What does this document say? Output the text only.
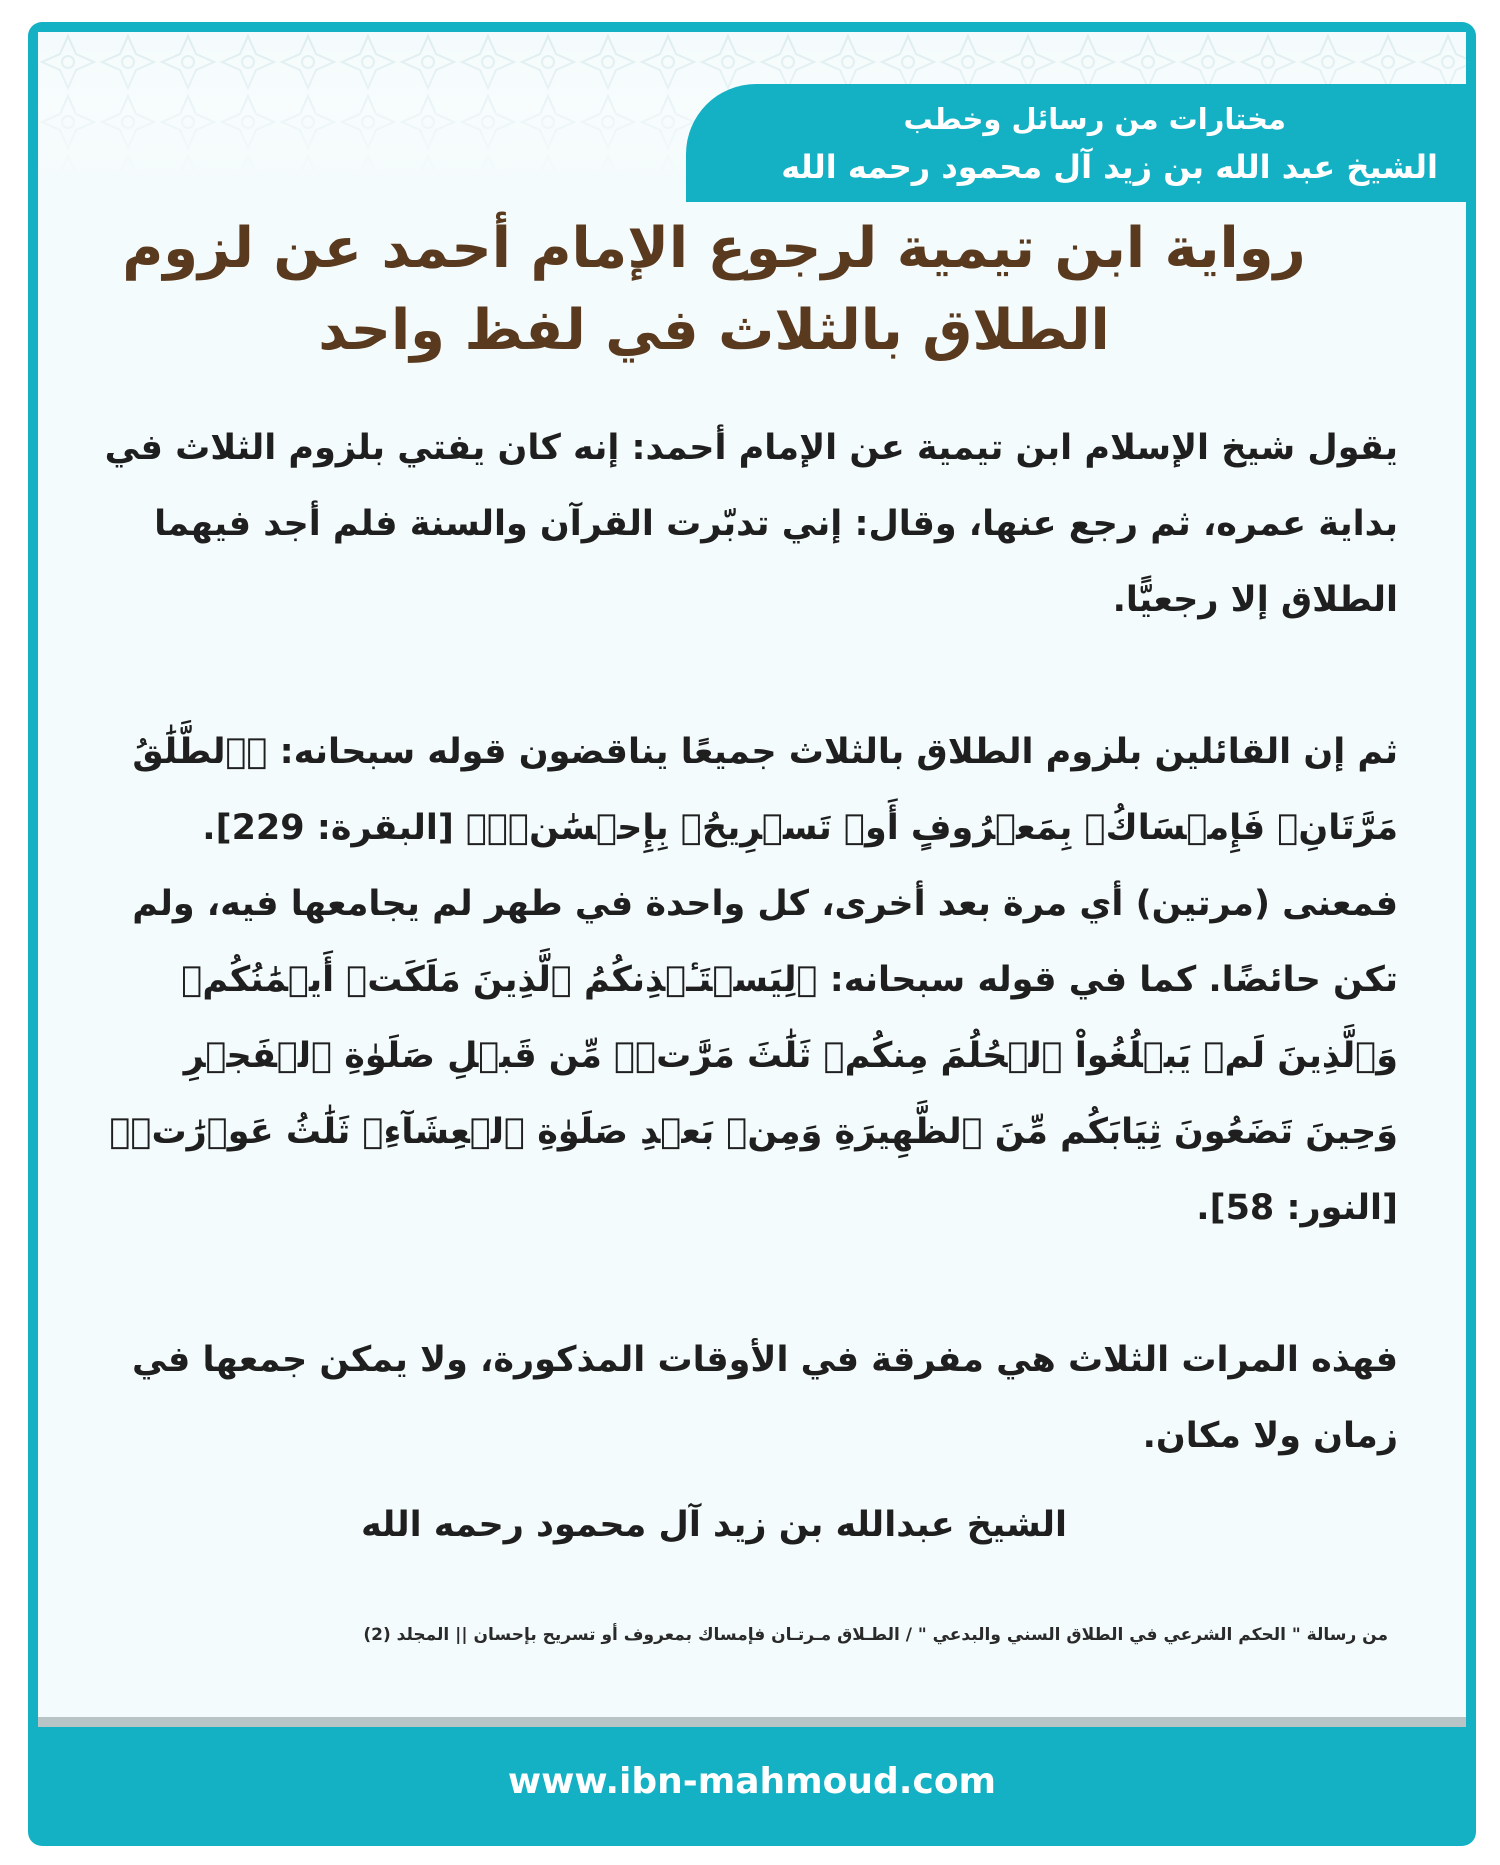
مختارات من رسائل وخطب
الشيخ عبد الله بن زيد آل محمود رحمه الله
رواية ابن تيمية لرجوع الإمام أحمد عن لزوم
الطلاق بالثلاث في لفظ واحد

يقول شيخ الإسلام ابن تيمية عن الإمام أحمد: إنه كان يفتي بلزوم الثلاث في بداية عمره، ثم رجع عنها، وقال: إني تدبّرت القرآن والسنة فلم أجد فيهما الطلاق إلا رجعيًّا.

ثم إن القائلين بلزوم الطلاق بالثلاث جميعًا يناقضون قوله سبحانه: ﴿ٱلطَّلَٰقُ مَرَّتَانِۖ فَإِمۡسَاكُۢ بِمَعۡرُوفٍ أَوۡ تَسۡرِيحُۢ بِإِحۡسَٰنٖۗ﴾ [البقرة: 229]. فمعنى (مرتين) أي مرة بعد أخرى، كل واحدة في طهر لم يجامعها فيه، ولم تكن حائضًا. كما في قوله سبحانه: ﴿لِيَسۡتَـٔۡذِنكُمُ ٱلَّذِينَ مَلَكَتۡ أَيۡمَٰنُكُمۡ وَٱلَّذِينَ لَمۡ يَبۡلُغُواْ ٱلۡحُلُمَ مِنكُمۡ ثَلَٰثَ مَرَّٰتٖۚ مِّن قَبۡلِ صَلَوٰةِ ٱلۡفَجۡرِ وَحِينَ تَضَعُونَ ثِيَابَكُم مِّنَ ٱلظَّهِيرَةِ وَمِنۢ بَعۡدِ صَلَوٰةِ ٱلۡعِشَآءِۚ ثَلَٰثُ عَوۡرَٰتٖ﴾ [النور: 58].

فهذه المرات الثلاث هي مفرقة في الأوقات المذكورة، ولا يمكن جمعها في زمان ولا مكان.

الشيخ عبدالله بن زيد آل محمود رحمه الله
من رسالة " الحكم الشرعي في الطلاق السني والبدعي " / الطـلاق مـرتـان فإمساك بمعروف أو تسريح بإحسان || المجلد (2)
www.ibn-mahmoud.com
